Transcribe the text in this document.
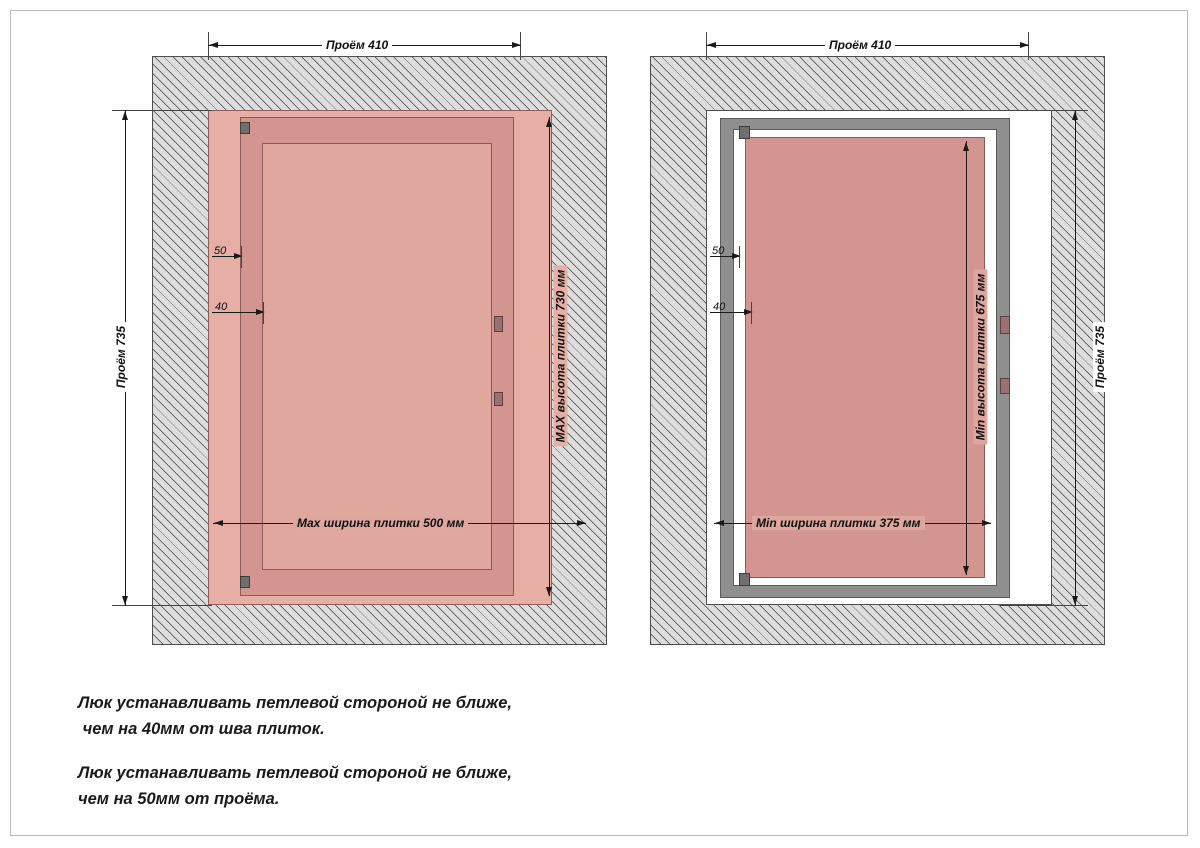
Проём 410
Проём 735
50
40	MAX высота плитки 730 мм
Mах ширина плитки 500 мм
Проём 410
Проём 735
50
40	Min высота плитки 675 мм
Min ширина плитки 375 мм
Люк устанавливать петлевой стороной не ближе,
чем на 40мм от шва плиток.
Люк устанавливать петлевой стороной не ближе,
чем на 50мм от проёма.
